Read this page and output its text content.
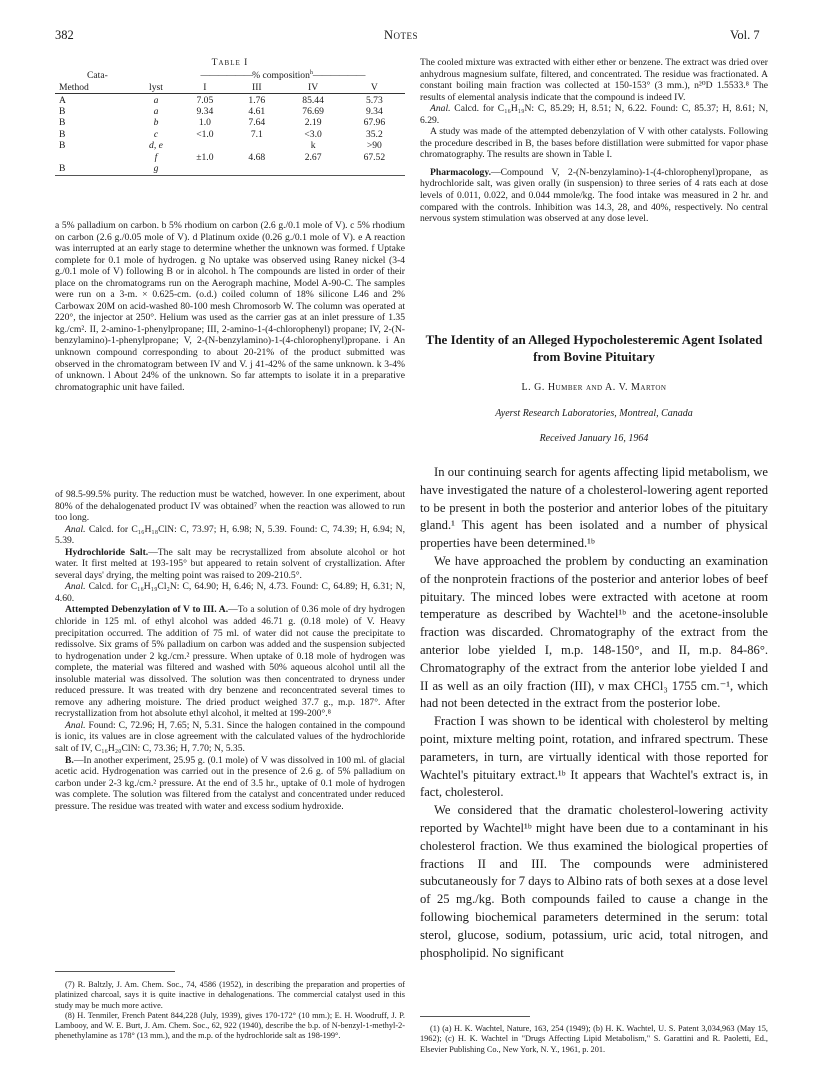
382	Notes	Vol. 7
Table I
Cata-	——————% composition$^h$——————
Method	lyst	I	III	IV	V
A	a	7.05	1.76	85.44	5.73
B	a	9.34	4.61	76.69	9.34
B	b	1.0	7.64	2.19	67.96
B	c	<1.0	7.1	<3.0	35.2
B	d, e			k	>90
	f	±1.0	4.68	2.67	67.52
B	g				

a 5% palladium on carbon. b 5% rhodium on carbon (2.6 g./0.1 mole of V). c 5% rhodium on carbon (2.6 g./0.05 mole of V). d Platinum oxide (0.26 g./0.1 mole of V). e A reaction was interrupted at an early stage to determine whether the unknown was formed. f Uptake complete for 0.1 mole of hydrogen. g No uptake was observed using Raney nickel (3-4 g./0.1 mole of V) following B or in alcohol. h The compounds are listed in order of their place on the chromatograms run on the Aerograph machine, Model A-90-C. The samples were run on a 3-m. × 0.625-cm. (o.d.) coiled column of 18% silicone L46 and 2% Carbowax 20M on acid-washed 80-100 mesh Chromosorb W. The column was operated at 220°, the injector at 250°. Helium was used as the carrier gas at an inlet pressure of 1.35 kg./cm². II, 2-amino-1-phenylpropane; III, 2-amino-1-(4-chlorophenyl) propane; IV, 2-(N-benzylamino)-1-phenylpropane; V, 2-(N-benzylamino)-1-(4-chlorophenyl)propane. i An unknown compound corresponding to about 20-21% of the product submitted was observed in the chromatogram between IV and V. j 41-42% of the same unknown. k 3-4% of unknown. l About 24% of the unknown. So far attempts to isolate it in a preparative chromatographic unit have failed.

of 98.5-99.5% purity. The reduction must be watched, however. In one experiment, about 80% of the dehalogenated product IV was obtained⁷ when the reaction was allowed to run too long.

Anal. Calcd. for C₁₆H₁₈ClN: C, 73.97; H, 6.98; N, 5.39. Found: C, 74.39; H, 6.94; N, 5.39.

Hydrochloride Salt.—The salt may be recrystallized from absolute alcohol or hot water. It first melted at 193-195° but appeared to retain solvent of crystallization. After several days' drying, the melting point was raised to 209-210.5°.

Anal. Calcd. for C₁₆H₁₉Cl₂N: C, 64.90; H, 6.46; N, 4.73. Found: C, 64.89; H, 6.31; N, 4.60.

Attempted Debenzylation of V to III. A.—To a solution of 0.36 mole of dry hydrogen chloride in 125 ml. of ethyl alcohol was added 46.71 g. (0.18 mole) of V. Heavy precipitation occurred. The addition of 75 ml. of water did not cause the precipitate to redissolve. Six grams of 5% palladium on carbon was added and the suspension subjected to hydrogenation under 2 kg./cm.² pressure. When uptake of 0.18 mole of hydrogen was complete, the material was filtered and washed with 50% aqueous alcohol until all the insoluble material was dissolved. The solution was then concentrated to dryness under reduced pressure. It was treated with dry benzene and reconcentrated several times to remove any adhering moisture. The dried product weighed 37.7 g., m.p. 187°. After recrystallization from hot absolute ethyl alcohol, it melted at 199-200°.⁸

Anal. Found: C, 72.96; H, 7.65; N, 5.31. Since the halogen contained in the compound is ionic, its values are in close agreement with the calculated values of the hydrochloride salt of IV, C₁₆H₂₀ClN: C, 73.36; H, 7.70; N, 5.35.

B.—In another experiment, 25.95 g. (0.1 mole) of V was dissolved in 100 ml. of glacial acetic acid. Hydrogenation was carried out in the presence of 2.6 g. of 5% palladium on carbon under 2-3 kg./cm.² pressure. At the end of 3.5 hr., uptake of 0.1 mole of hydrogen was complete. The solution was filtered from the catalyst and concentrated under reduced pressure. The residue was treated with water and excess sodium hydroxide.

(7) R. Baltzly, J. Am. Chem. Soc., 74, 4586 (1952), in describing the preparation and properties of platinized charcoal, says it is quite inactive in dehalogenations. The commercial catalyst used in this study may be much more active.

(8) H. Tenmiler, French Patent 844,228 (July, 1939), gives 170-172° (10 mm.); E. H. Woodruff, J. P. Lambooy, and W. E. Burt, J. Am. Chem. Soc., 62, 922 (1940), describe the b.p. of N-benzyl-1-methyl-2-phenethylamine as 178° (13 mm.), and the m.p. of the hydrochloride salt as 198-199°.

The cooled mixture was extracted with either ether or benzene. The extract was dried over anhydrous magnesium sulfate, filtered, and concentrated. The residue was fractionated. A constant boiling main fraction was collected at 150-153° (3 mm.), n²⁰D 1.5533.⁸ The results of elemental analysis indicate that the compound is indeed IV.

Anal. Calcd. for C₁₆H₁₉N: C, 85.29; H, 8.51; N, 6.22. Found: C, 85.37; H, 8.61; N, 6.29.

A study was made of the attempted debenzylation of V with other catalysts. Following the procedure described in B, the bases before distillation were submitted for vapor phase chromatography. The results are shown in Table I.

Pharmacology.—Compound V, 2-(N-benzylamino)-1-(4-chlorophenyl)propane, as hydrochloride salt, was given orally (in suspension) to three series of 4 rats each at dose levels of 0.011, 0.022, and 0.044 mmole/kg. The food intake was measured in 2 hr. and compared with the controls. Inhibition was 14.3, 28, and 40%, respectively. No central nervous system stimulation was observed at any dose level.

The Identity of an Alleged Hypocholesteremic Agent Isolated from Bovine Pituitary
L. G. Humber and A. V. Marton
Ayerst Research Laboratories, Montreal, Canada
Received January 16, 1964

In our continuing search for agents affecting lipid metabolism, we have investigated the nature of a cholesterol-lowering agent reported to be present in both the posterior and anterior lobes of the pituitary gland.¹ This agent has been isolated and a number of physical properties have been determined.¹ᵇ

We have approached the problem by conducting an examination of the nonprotein fractions of the posterior and anterior lobes of beef pituitary. The minced lobes were extracted with acetone at room temperature as described by Wachtel¹ᵇ and the acetone-insoluble fraction was discarded. Chromatography of the extract from the anterior lobe yielded I, m.p. 148-150°, and II, m.p. 84-86°. Chromatography of the extract from the anterior lobe yielded I and II as well as an oily fraction (III), ν max CHCl₃ 1755 cm.⁻¹, which had not been detected in the extract from the posterior lobe.

Fraction I was shown to be identical with cholesterol by melting point, mixture melting point, rotation, and infrared spectrum. These parameters, in turn, are virtually identical with those reported for Wachtel's pituitary extract.¹ᵇ It appears that Wachtel's extract is, in fact, cholesterol.

We considered that the dramatic cholesterol-lowering activity reported by Wachtel¹ᵇ might have been due to a contaminant in his cholesterol fraction. We thus examined the biological properties of fractions II and III. The compounds were administered subcutaneously for 7 days to Albino rats of both sexes at a dose level of 25 mg./kg. Both compounds failed to cause a change in the following biochemical parameters determined in the serum: total sterol, glucose, sodium, potassium, uric acid, total nitrogen, and phospholipid. No significant

(1) (a) H. K. Wachtel, Nature, 163, 254 (1949); (b) H. K. Wachtel, U. S. Patent 3,034,963 (May 15, 1962); (c) H. K. Wachtel in "Drugs Affecting Lipid Metabolism," S. Garattini and R. Paoletti, Ed., Elsevier Publishing Co., New York, N. Y., 1961, p. 201.
